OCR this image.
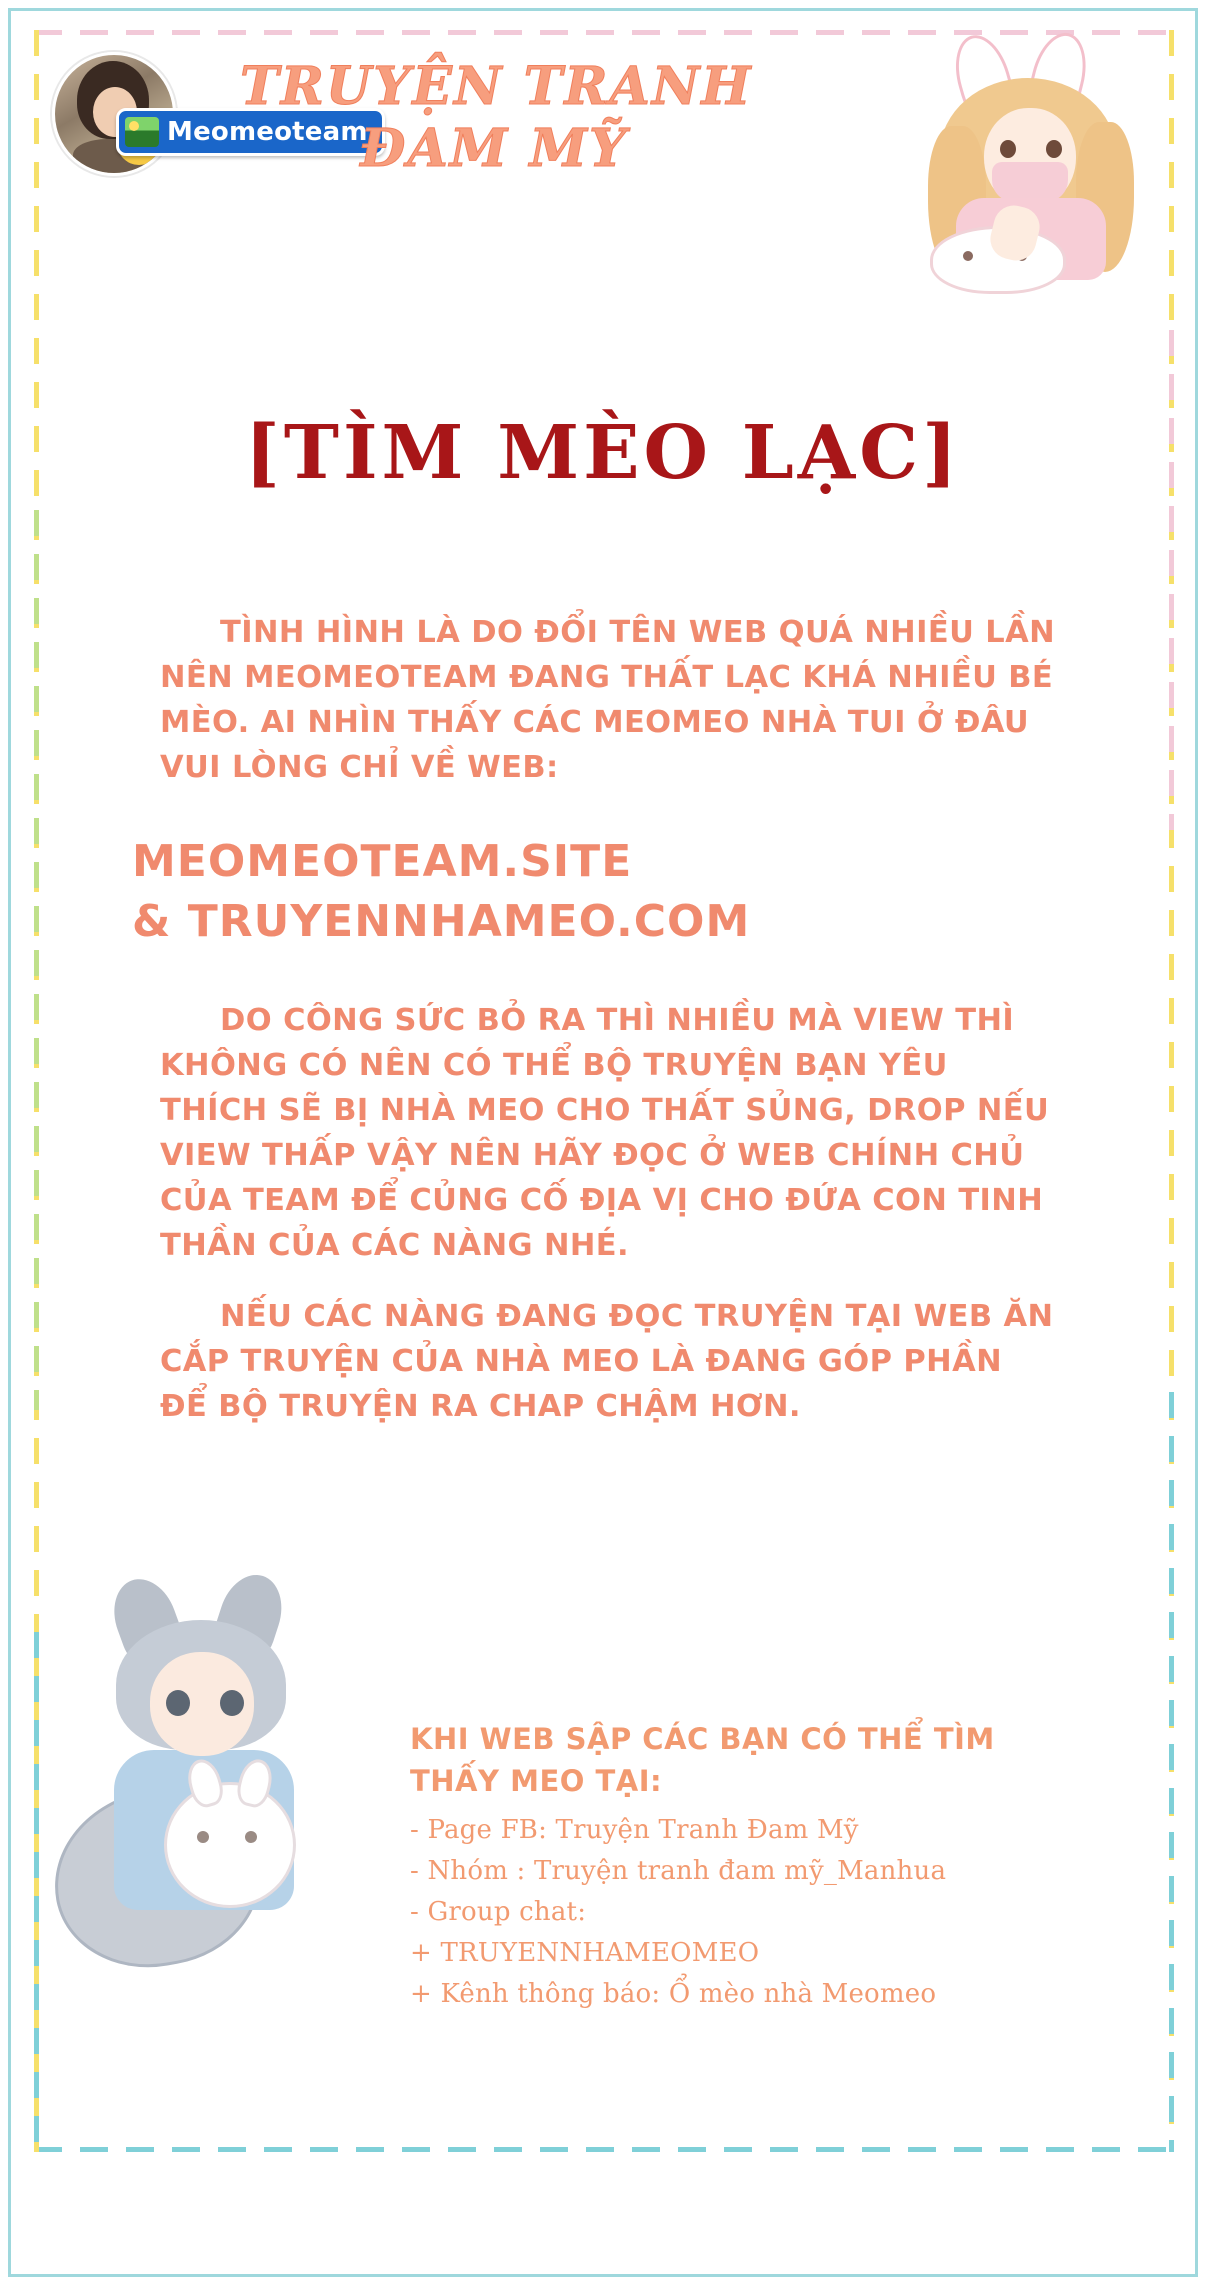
Meomeoteam
TRUYỆN TRANH
ĐAM MỸ
[TÌM MÈO LẠC]

TÌNH HÌNH LÀ DO ĐỔI TÊN WEB QUÁ NHIỀU LẦN NÊN MEOMEOTEAM ĐANG THẤT LẠC KHÁ NHIỀU BÉ MÈO. AI NHÌN THẤY CÁC MEOMEO NHÀ TUI Ở ĐÂU VUI LÒNG CHỈ VỀ WEB:

MEOMEOTEAM.SITE
& TRUYENNHAMEO.COM

DO CÔNG SỨC BỎ RA THÌ NHIỀU MÀ VIEW THÌ KHÔNG CÓ NÊN CÓ THỂ BỘ TRUYỆN BẠN YÊU THÍCH SẼ BỊ NHÀ MEO CHO THẤT SỦNG, DROP NẾU VIEW THẤP VẬY NÊN HÃY ĐỌC Ở WEB CHÍNH CHỦ CỦA TEAM ĐỂ CỦNG CỐ ĐỊA VỊ CHO ĐỨA CON TINH THẦN CỦA CÁC NÀNG NHÉ.

NẾU CÁC NÀNG ĐANG ĐỌC TRUYỆN TẠI WEB ĂN CẮP TRUYỆN CỦA NHÀ MEO LÀ ĐANG GÓP PHẦN ĐỂ BỘ TRUYỆN RA CHAP CHẬM HƠN.

KHI WEB SẬP CÁC BẠN CÓ THỂ TÌM THẤY MEO TẠI:
- Page FB: Truyện Tranh Đam Mỹ
- Nhóm : Truyện tranh đam mỹ_Manhua
- Group chat:
+ TRUYENNHAMEOMEO
+ Kênh thông báo: Ổ mèo nhà Meomeo
